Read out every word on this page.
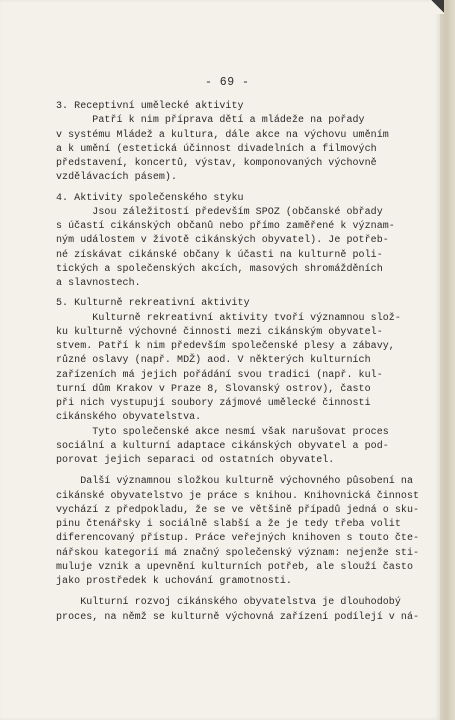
- 69 -
3. Receptivní umělecké aktivity
Patří k nim příprava dětí a mládeže na pořady
v systému Mládež a kultura, dále akce na výchovu uměním
a k umění (estetická účinnost divadelních a filmových
představení, koncertů, výstav, komponovaných výchovně
vzdělávacích pásem).
4. Aktivity společenského styku
Jsou záležitostí především SPOZ (občanské obřady
s účastí cikánských občanů nebo přímo zaměřené k význam-
ným událostem v životě cikánských obyvatel). Je potřeb-
né získávat cikánské občany k účasti na kulturně poli-
tických a společenských akcích, masových shromážděních
a slavnostech.
5. Kulturně rekreativní aktivity
Kulturně rekreativní aktivity tvoří významnou slož-
ku kulturně výchovné činnosti mezi cikánským obyvatel-
stvem. Patří k nim především společenské plesy a zábavy,
různé oslavy (např. MDŽ) aod. V některých kulturních
zařízeních má jejich pořádání svou tradici (např. kul-
turní dům Krakov v Praze 8, Slovanský ostrov), často
při nich vystupují soubory zájmové umělecké činnosti
cikánského obyvatelstva.
Tyto společenské akce nesmí však narušovat proces
sociální a kulturní adaptace cikánských obyvatel a pod-
porovat jejich separaci od ostatních obyvatel.
Další významnou složkou kulturně výchovného působení na
cikánské obyvatelstvo je práce s knihou. Knihovnická činnost
vychází z předpokladu, že se ve většině případů jedná o sku-
pinu čtenářsky i sociálně slabší a že je tedy třeba volit
diferencovaný přístup. Práce veřejných knihoven s touto čte-
nářskou kategorií má značný společenský význam: nejenže sti-
muluje vznik a upevnění kulturních potřeb, ale slouží často
jako prostředek k uchování gramotnosti.
Kulturní rozvoj cikánského obyvatelstva je dlouhodobý
proces, na němž se kulturně výchovná zařízení podílejí v ná-
